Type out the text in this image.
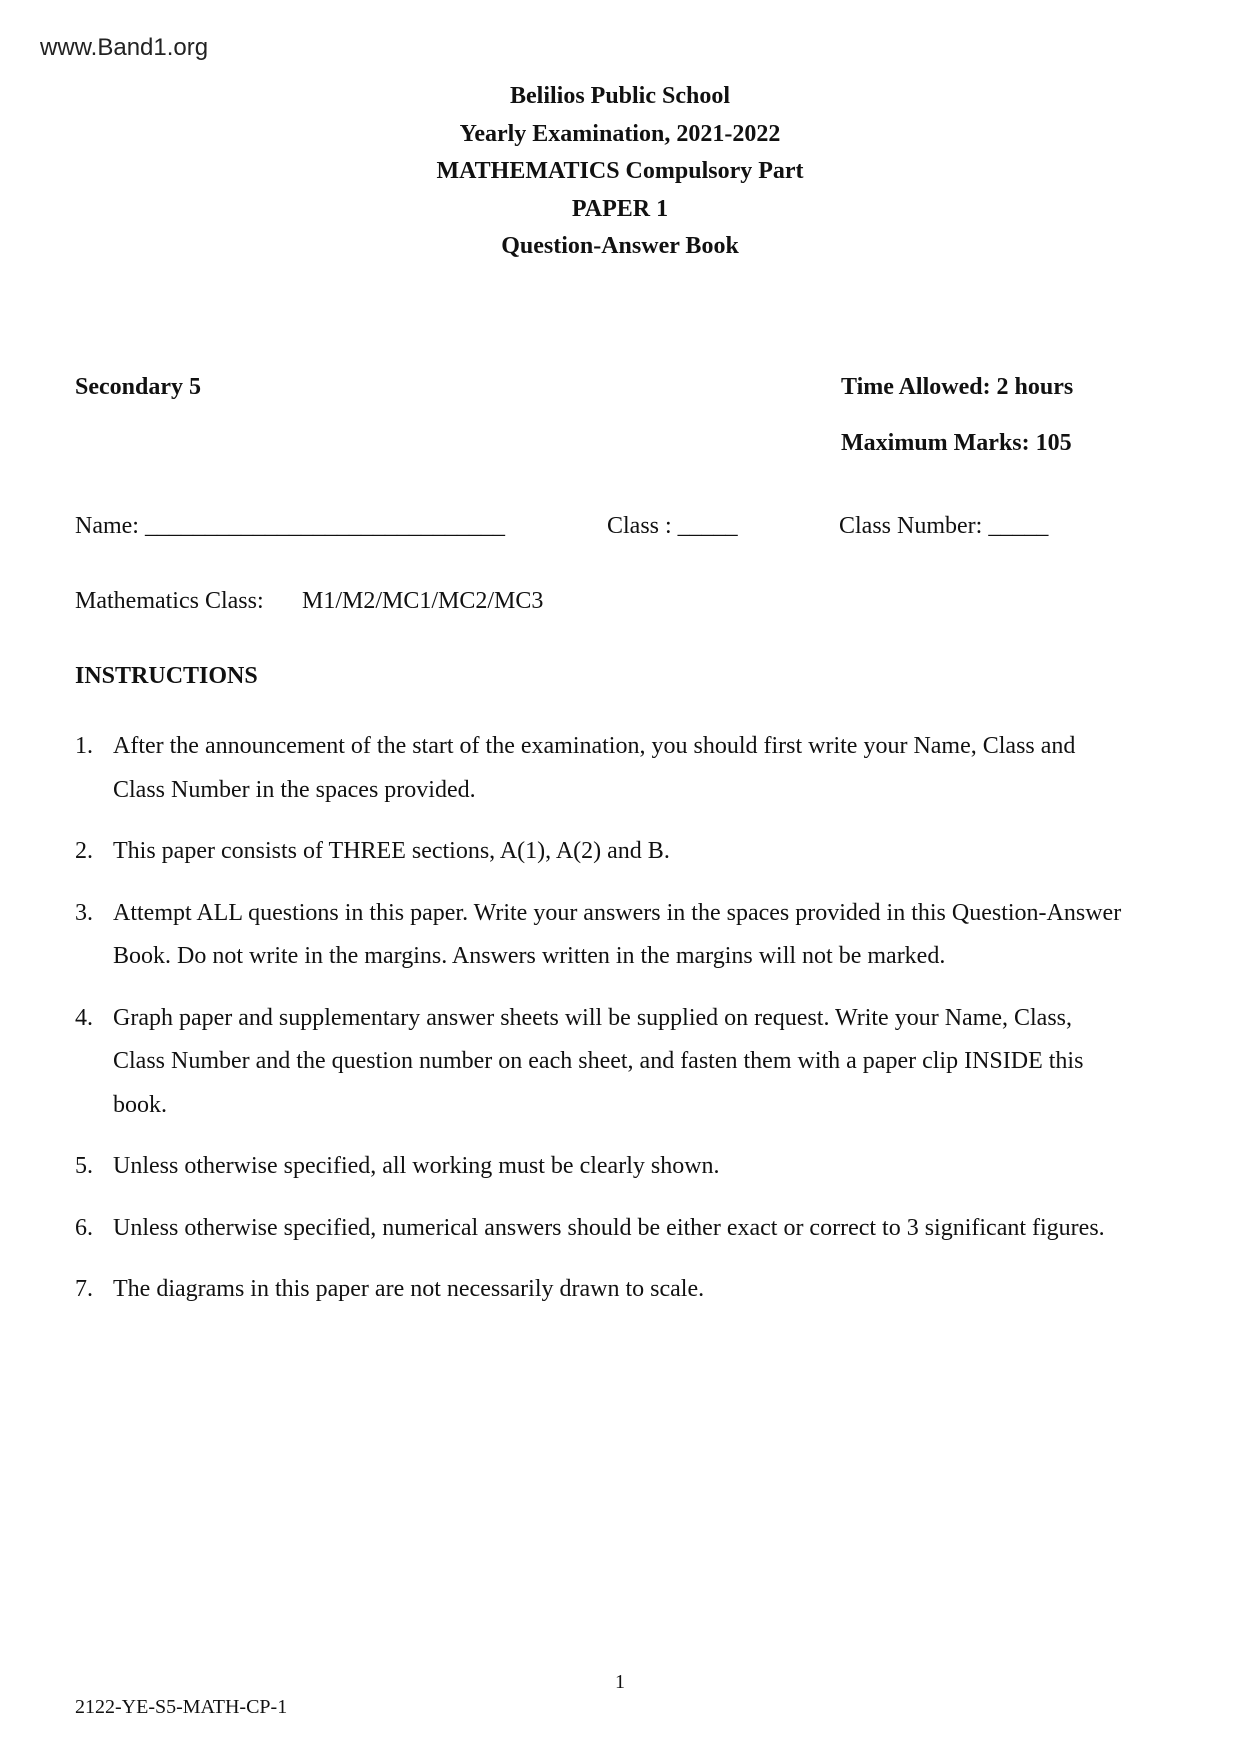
www.Band1.org
Belilios Public School
Yearly Examination, 2021-2022
MATHEMATICS Compulsory Part
PAPER 1
Question-Answer Book
Secondary 5	Time Allowed: 2 hours
Maximum Marks: 105
Name: ______________________________	Class : _____	Class Number: _____
Mathematics Class: M1/M2/MC1/MC2/MC3
INSTRUCTIONS
1. After the announcement of the start of the examination, you should first write your Name, Class and
Class Number in the spaces provided.
2. This paper consists of THREE sections, A(1), A(2) and B.
3. Attempt ALL questions in this paper. Write your answers in the spaces provided in this Question-Answer
Book. Do not write in the margins. Answers written in the margins will not be marked.
4. Graph paper and supplementary answer sheets will be supplied on request. Write your Name, Class,
Class Number and the question number on each sheet, and fasten them with a paper clip INSIDE this
book.
5. Unless otherwise specified, all working must be clearly shown.
6. Unless otherwise specified, numerical answers should be either exact or correct to 3 significant figures.
7. The diagrams in this paper are not necessarily drawn to scale.
1
2122-YE-S5-MATH-CP-1
